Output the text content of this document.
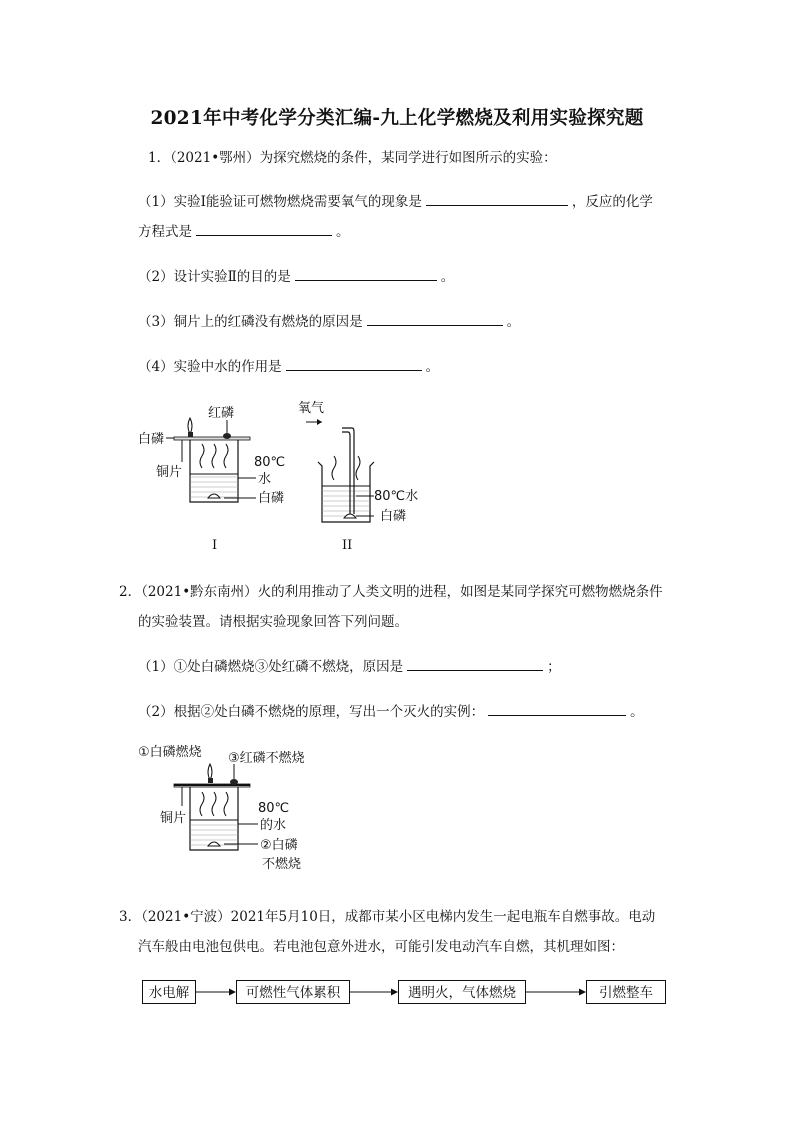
2021年中考化学分类汇编-九上化学燃烧及利用实验探究题
1．（2021•鄂州）为探究燃烧的条件，某同学进行如图所示的实验：
（1）实验Ⅰ能验证可燃物燃烧需要氧气的现象是	，反应的化学
方程式是	。
（2）设计实验Ⅱ的目的是	。
（3）铜片上的红磷没有燃烧的原因是	。
（4）实验中水的作用是	。
红磷
白磷
铜片
80℃
水
白磷
I
氧气
80℃水
白磷
II
2．（2021•黔东南州）火的利用推动了人类文明的进程，如图是某同学探究可燃物燃烧条件
的实验装置。请根据实验现象回答下列问题。
（1）①处白磷燃烧③处红磷不燃烧，原因是	；
（2）根据②处白磷不燃烧的原理，写出一个灭火的实例：	。
①白磷燃烧 ③红磷不燃烧
铜片
80℃
的水
②白磷
不燃烧
3．（2021•宁波）2021年5月10日，成都市某小区电梯内发生一起电瓶车自燃事故。电动
汽车般由电池包供电。若电池包意外进水，可能引发电动汽车自燃，其机理如图：
水电解	可燃性气体累积	遇明火，气体燃烧	引燃整车
